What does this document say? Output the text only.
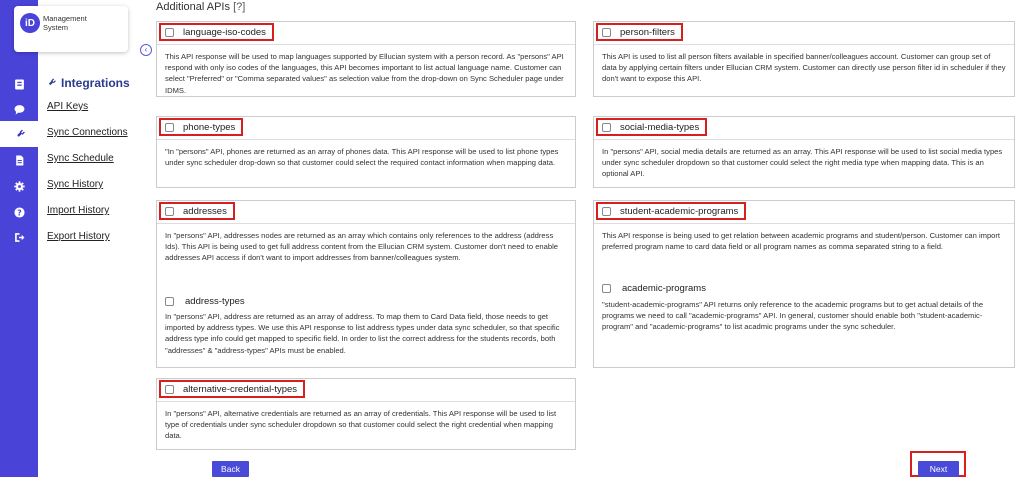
?
iD	Management
System
‹
Integrations
API Keys
Sync Connections
Sync Schedule
Sync History
Import History
Export History
Additional APIs [?]
language-iso-codes
This API response will be used to map languages supported by Ellucian system with a person record. As "persons" API respond with only iso codes of the languages, this API becomes important to list actual language name. Customer can select "Preferred" or "Comma separated values" as selection value from the drop-down on Sync Scheduler page under IDMS.
person-filters
This API is used to list all person filters available in specified banner/colleagues account. Customer can group set of data by applying certain filters under Ellucian CRM system. Customer can directly use person filter id in scheduler if they don't want to expose this API.
phone-types
"In "persons" API, phones are returned as an array of phones data. This API response will be used to list phone types under sync scheduler drop-down so that customer could select the required contact information when mapping data.
social-media-types
In "persons" API, social media details are returned as an array. This API response will be used to list social media types under sync scheduler dropdown so that customer could select the right media type when mapping data. This is an optional API.
addresses
In "persons" API, addresses nodes are returned as an array which contains only references to the address (address Ids). This API is being used to get full address content from the Ellucian CRM system. Customer don't need to enable addresses API access if don't want to import addresses from banner/colleagues system.
address-types
In "persons" API, address are returned as an array of address. To map them to Card Data field, those needs to get imported by address types. We use this API response to list address types under data sync scheduler, so that specific address type info could get mapped to specific field. In order to list the correct address for the students records, both "addresses" & "address-types" APIs must be enabled.
student-academic-programs
This API response is being used to get relation between academic programs and student/person. Customer can import preferred program name to card data field or all program names as comma separated string to a field.
academic-programs
"student-academic-programs" API returns only reference to the academic programs but to get actual details of the programs we need to call "academic-programs" API. In general, customer should enable both "student-academic-program" and "academic-programs" to list acadmic programs under the sync scheduler.
alternative-credential-types
In "persons" API, alternative credentials are returned as an array of credentials. This API response will be used to list type of credentials under sync scheduler dropdown so that customer could select the right credential when mapping data.
Back	Next
